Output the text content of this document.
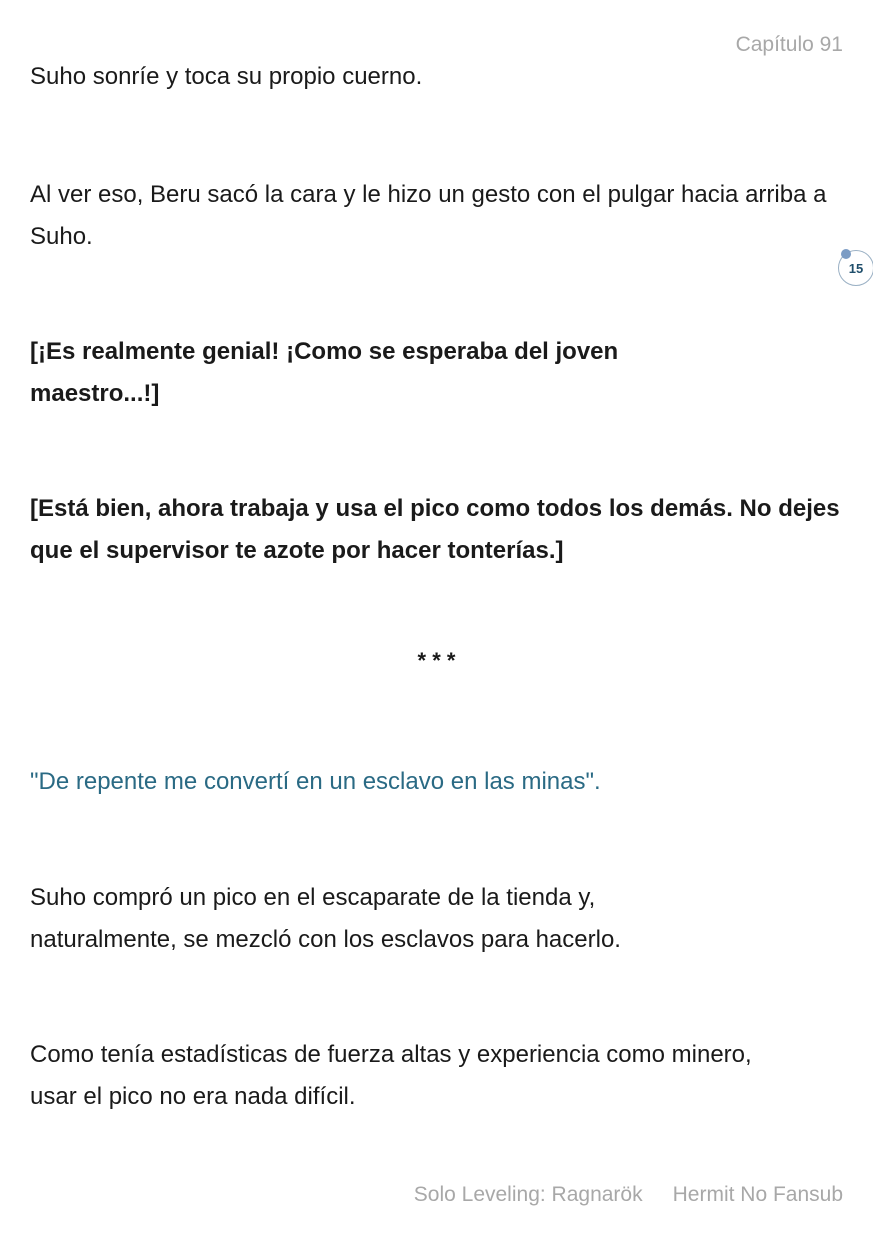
Capítulo 91

Suho sonríe y toca su propio cuerno.

Al ver eso, Beru sacó la cara y le hizo un gesto con el pulgar hacia arriba a Suho.

[¡Es realmente genial! ¡Como se esperaba del joven maestro...!]

[Está bien, ahora trabaja y usa el pico como todos los demás. No dejes que el supervisor te azote por hacer tonterías.]

* * *

"De repente me convertí en un esclavo en las minas".

Suho compró un pico en el escaparate de la tienda y, naturalmente, se mezcló con los esclavos para hacerlo.

Como tenía estadísticas de fuerza altas y experiencia como minero, usar el pico no era nada difícil.

15
Solo Leveling: Ragnarök Hermit No Fansub
